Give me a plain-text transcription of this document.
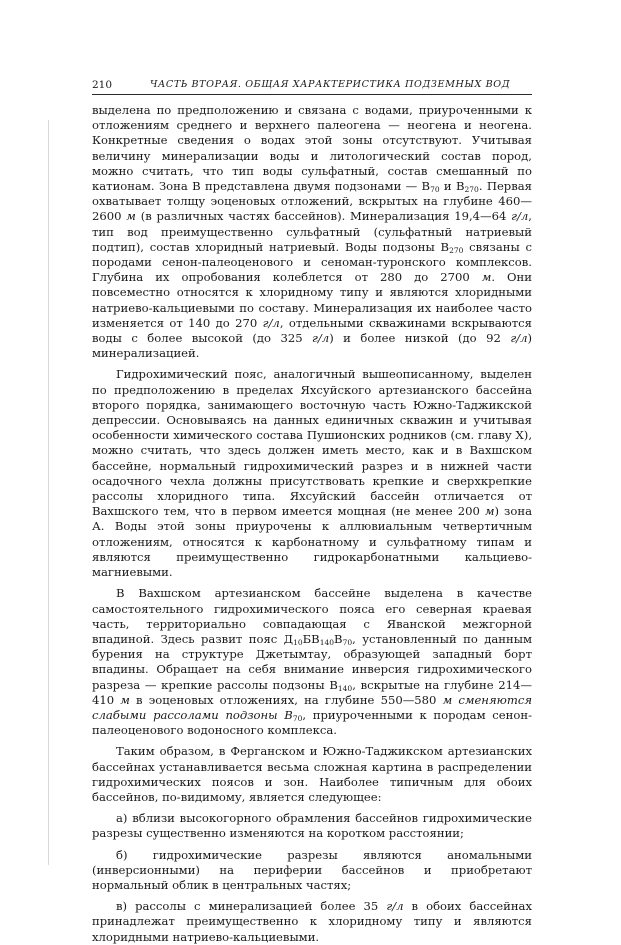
210	ЧАСТЬ ВТОРАЯ. ОБЩАЯ ХАРАКТЕРИСТИКА ПОДЗЕМНЫХ ВОД

выделена по предположению и связана с водами, приуроченными к отложениям среднего и верхнего палеогена — неогена и неогена. Конкретные сведения о водах этой зоны отсутствуют. Учитывая величину минерализации воды и литологический состав пород, можно считать, что тип воды сульфатный, состав смешанный по катионам. Зона В представлена двумя подзонами — $В_{70}$ и $В_{270}$. Первая охватывает толщу эоценовых отложений, вскрытых на глубине 460—2600 м (в различных частях бассейнов). Минерализация 19,4—64 г/л, тип вод преимущественно сульфатный (сульфатный натриевый подтип), состав хлоридный натриевый. Воды подзоны $В_{270}$ связаны с породами сенон-палеоценового и сеноман-туронского комплексов. Глубина их опробования колеблется от 280 до 2700 м. Они повсеместно относятся к хлоридному типу и являются хлоридными натриево-кальциевыми по составу. Минерализация их наиболее часто изменяется от 140 до 270 г/л, отдельными скважинами вскрываются воды с более высокой (до 325 г/л) и более низкой (до 92 г/л) минерализацией.

Гидрохимический пояс, аналогичный вышеописанному, выделен по предположению в пределах Яхсуйского артезианского бассейна второго порядка, занимающего восточную часть Южно-Таджикской депрессии. Основываясь на данных единичных скважин и учитывая особенности химического состава Пушионских родников (см. главу X), можно считать, что здесь должен иметь место, как и в Вахшском бассейне, нормальный гидрохимический разрез и в нижней части осадочного чехла должны присутствовать крепкие и сверхкрепкие рассолы хлоридного типа. Яхсуйский бассейн отличается от Вахшского тем, что в первом имеется мощная (не менее 200 м) зона А. Воды этой зоны приурочены к аллювиальным четвертичным отложениям, относятся к карбонатному и сульфатному типам и являются преимущественно гидрокарбонатными кальциево-магниевыми.

В Вахшском артезианском бассейне выделена в качестве самостоятельного гидрохимического пояса его северная краевая часть, территориально совпадающая с Яванской межгорной впадиной. Здесь развит пояс $Д_{10}БВ_{140}В_{70}$, установленный по данным бурения на структуре Джетымтау, образующей западный борт впадины. Обращает на себя внимание инверсия гидрохимического разреза — крепкие рассолы подзоны $В_{140}$, вскрытые на глубине 214—410 м в эоценовых отложениях, на глубине 550—580 м сменяются слабыми рассолами подзоны $В_{70}$, приуроченными к породам сенон-палеоценового водоносного комплекса.

Таким образом, в Ферганском и Южно-Таджикском артезианских бассейнах устанавливается весьма сложная картина в распределении гидрохимических поясов и зон. Наиболее типичным для обоих бассейнов, по-видимому, является следующее:

а) вблизи высокогорного обрамления бассейнов гидрохимические разрезы существенно изменяются на коротком расстоянии;

б) гидрохимические разрезы являются аномальными (инверсионными) на периферии бассейнов и приобретают нормальный облик в центральных частях;

в) рассолы с минерализацией более 35 г/л в обоих бассейнах принадлежат преимущественно к хлоридному типу и являются хлоридными натриево-кальциевыми.
